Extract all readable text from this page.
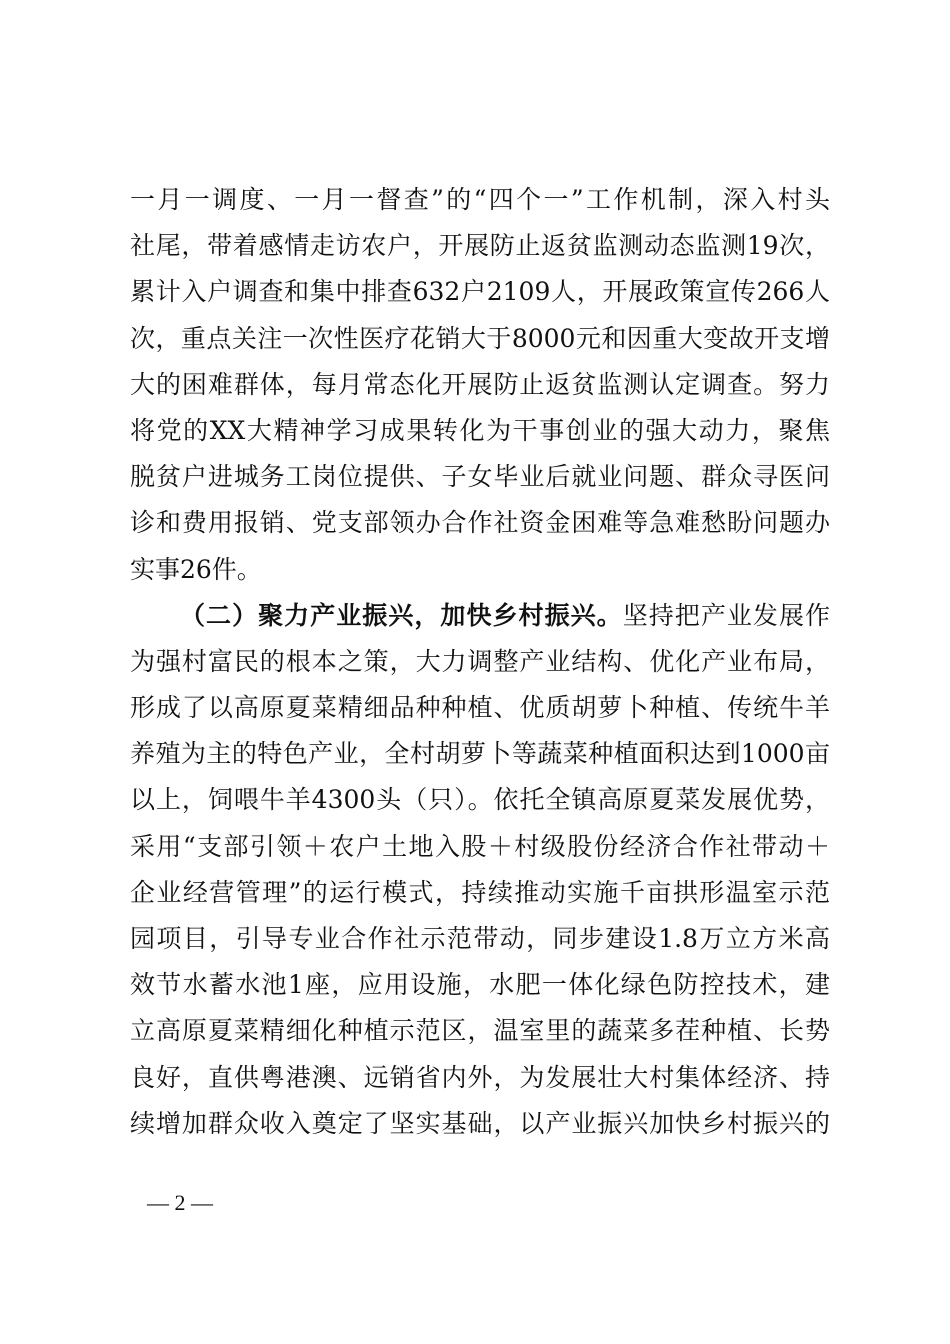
一月一调度、一月一督查”的“四个一”工作机制，深入村头
社尾，带着感情走访农户，开展防止返贫监测动态监测19次，
累计入户调查和集中排查632户2109人，开展政策宣传266人
次，重点关注一次性医疗花销大于8000元和因重大变故开支增
大的困难群体，每月常态化开展防止返贫监测认定调查。努力
将党的XX大精神学习成果转化为干事创业的强大动力，聚焦
脱贫户进城务工岗位提供、子女毕业后就业问题、群众寻医问
诊和费用报销、党支部领办合作社资金困难等急难愁盼问题办
实事26件。
（二）聚力产业振兴，加快乡村振兴。坚持把产业发展作
为强村富民的根本之策，大力调整产业结构、优化产业布局，
形成了以高原夏菜精细品种种植、优质胡萝卜种植、传统牛羊
养殖为主的特色产业，全村胡萝卜等蔬菜种植面积达到1000亩
以上，饲喂牛羊4300头（只）。依托全镇高原夏菜发展优势，
采用“支部引领＋农户土地入股＋村级股份经济合作社带动＋
企业经营管理”的运行模式，持续推动实施千亩拱形温室示范
园项目，引导专业合作社示范带动，同步建设1.8万立方米高
效节水蓄水池1座，应用设施，水肥一体化绿色防控技术，建
立高原夏菜精细化种植示范区，温室里的蔬菜多茬种植、长势
良好，直供粤港澳、远销省内外，为发展壮大村集体经济、持
续增加群众收入奠定了坚实基础，以产业振兴加快乡村振兴的
— 2 —
